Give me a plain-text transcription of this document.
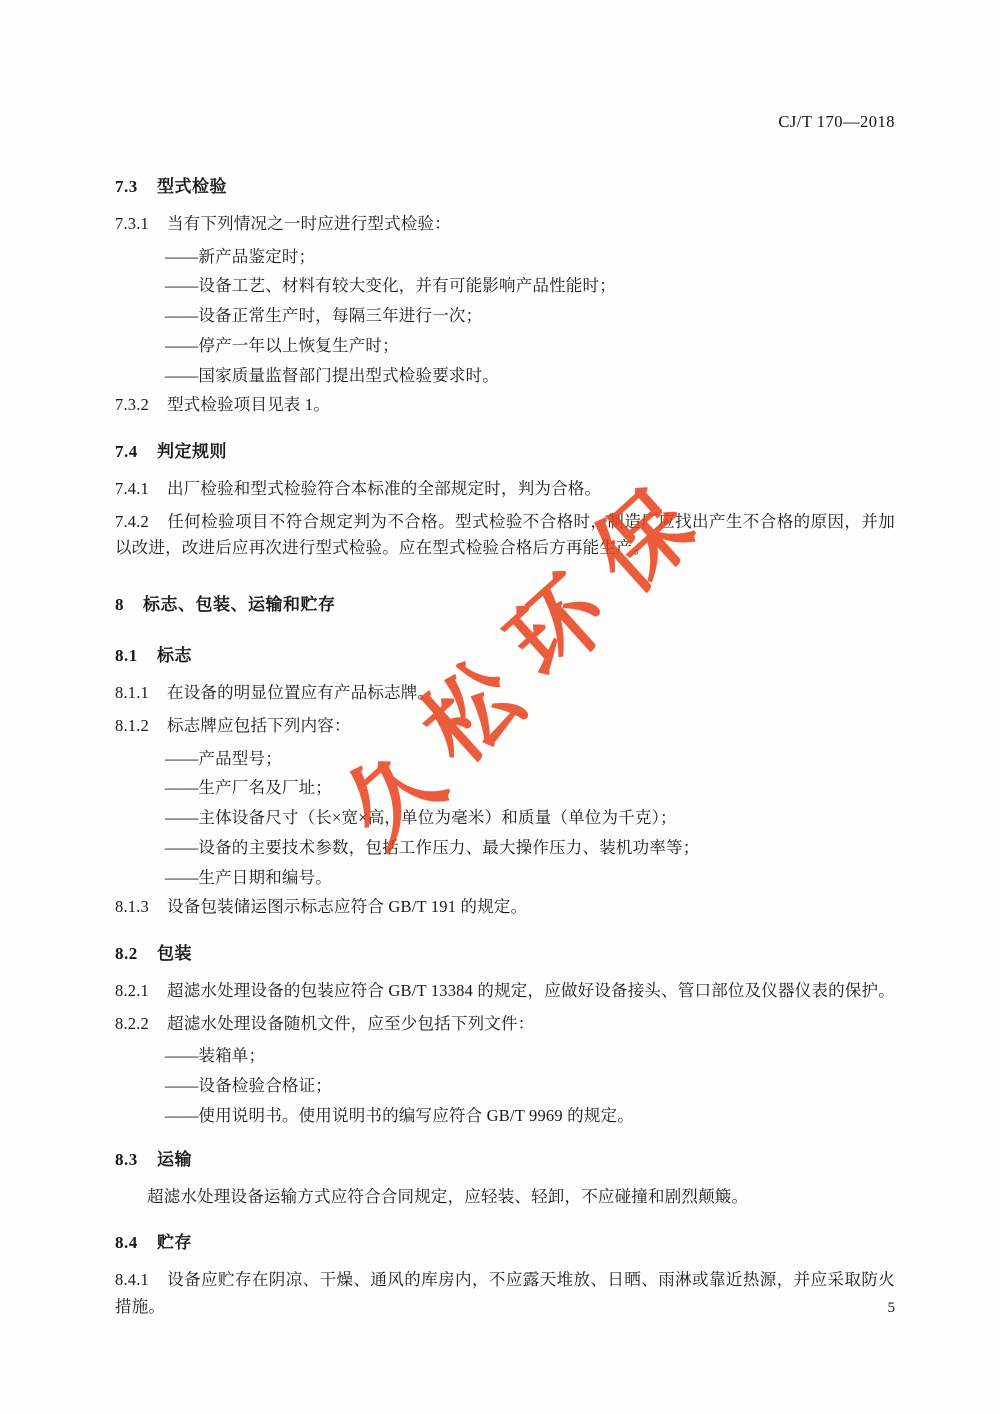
CJ/T 170—2018
7.3 型式检验

7.3.1 当有下列情况之一时应进行型式检验：

——新产品鉴定时；

——设备工艺、材料有较大变化，并有可能影响产品性能时；

——设备正常生产时，每隔三年进行一次；

——停产一年以上恢复生产时；

——国家质量监督部门提出型式检验要求时。

7.3.2 型式检验项目见表 1。

7.4 判定规则

7.4.1 出厂检验和型式检验符合本标准的全部规定时，判为合格。

7.4.2 任何检验项目不符合规定判为不合格。型式检验不合格时，制造厂应找出产生不合格的原因，并加以改进，改进后应再次进行型式检验。应在型式检验合格后方再能生产。

8 标志、包装、运输和贮存
8.1 标志

8.1.1 在设备的明显位置应有产品标志牌。

8.1.2 标志牌应包括下列内容：

——产品型号；

——生产厂名及厂址；

——主体设备尺寸（长×宽×高，单位为毫米）和质量（单位为千克）；

——设备的主要技术参数，包括工作压力、最大操作压力、装机功率等；

——生产日期和编号。

8.1.3 设备包装储运图示标志应符合 GB/T 191 的规定。

8.2 包装

8.2.1 超滤水处理设备的包装应符合 GB/T 13384 的规定，应做好设备接头、管口部位及仪器仪表的保护。

8.2.2 超滤水处理设备随机文件，应至少包括下列文件：

——装箱单；

——设备检验合格证；

——使用说明书。使用说明书的编写应符合 GB/T 9969 的规定。

8.3 运输

超滤水处理设备运输方式应符合合同规定，应轻装、轻卸，不应碰撞和剧烈颠簸。

8.4 贮存

8.4.1 设备应贮存在阴凉、干燥、通风的库房内，不应露天堆放、日晒、雨淋或靠近热源，并应采取防火措施。	5
久
松
环
保
